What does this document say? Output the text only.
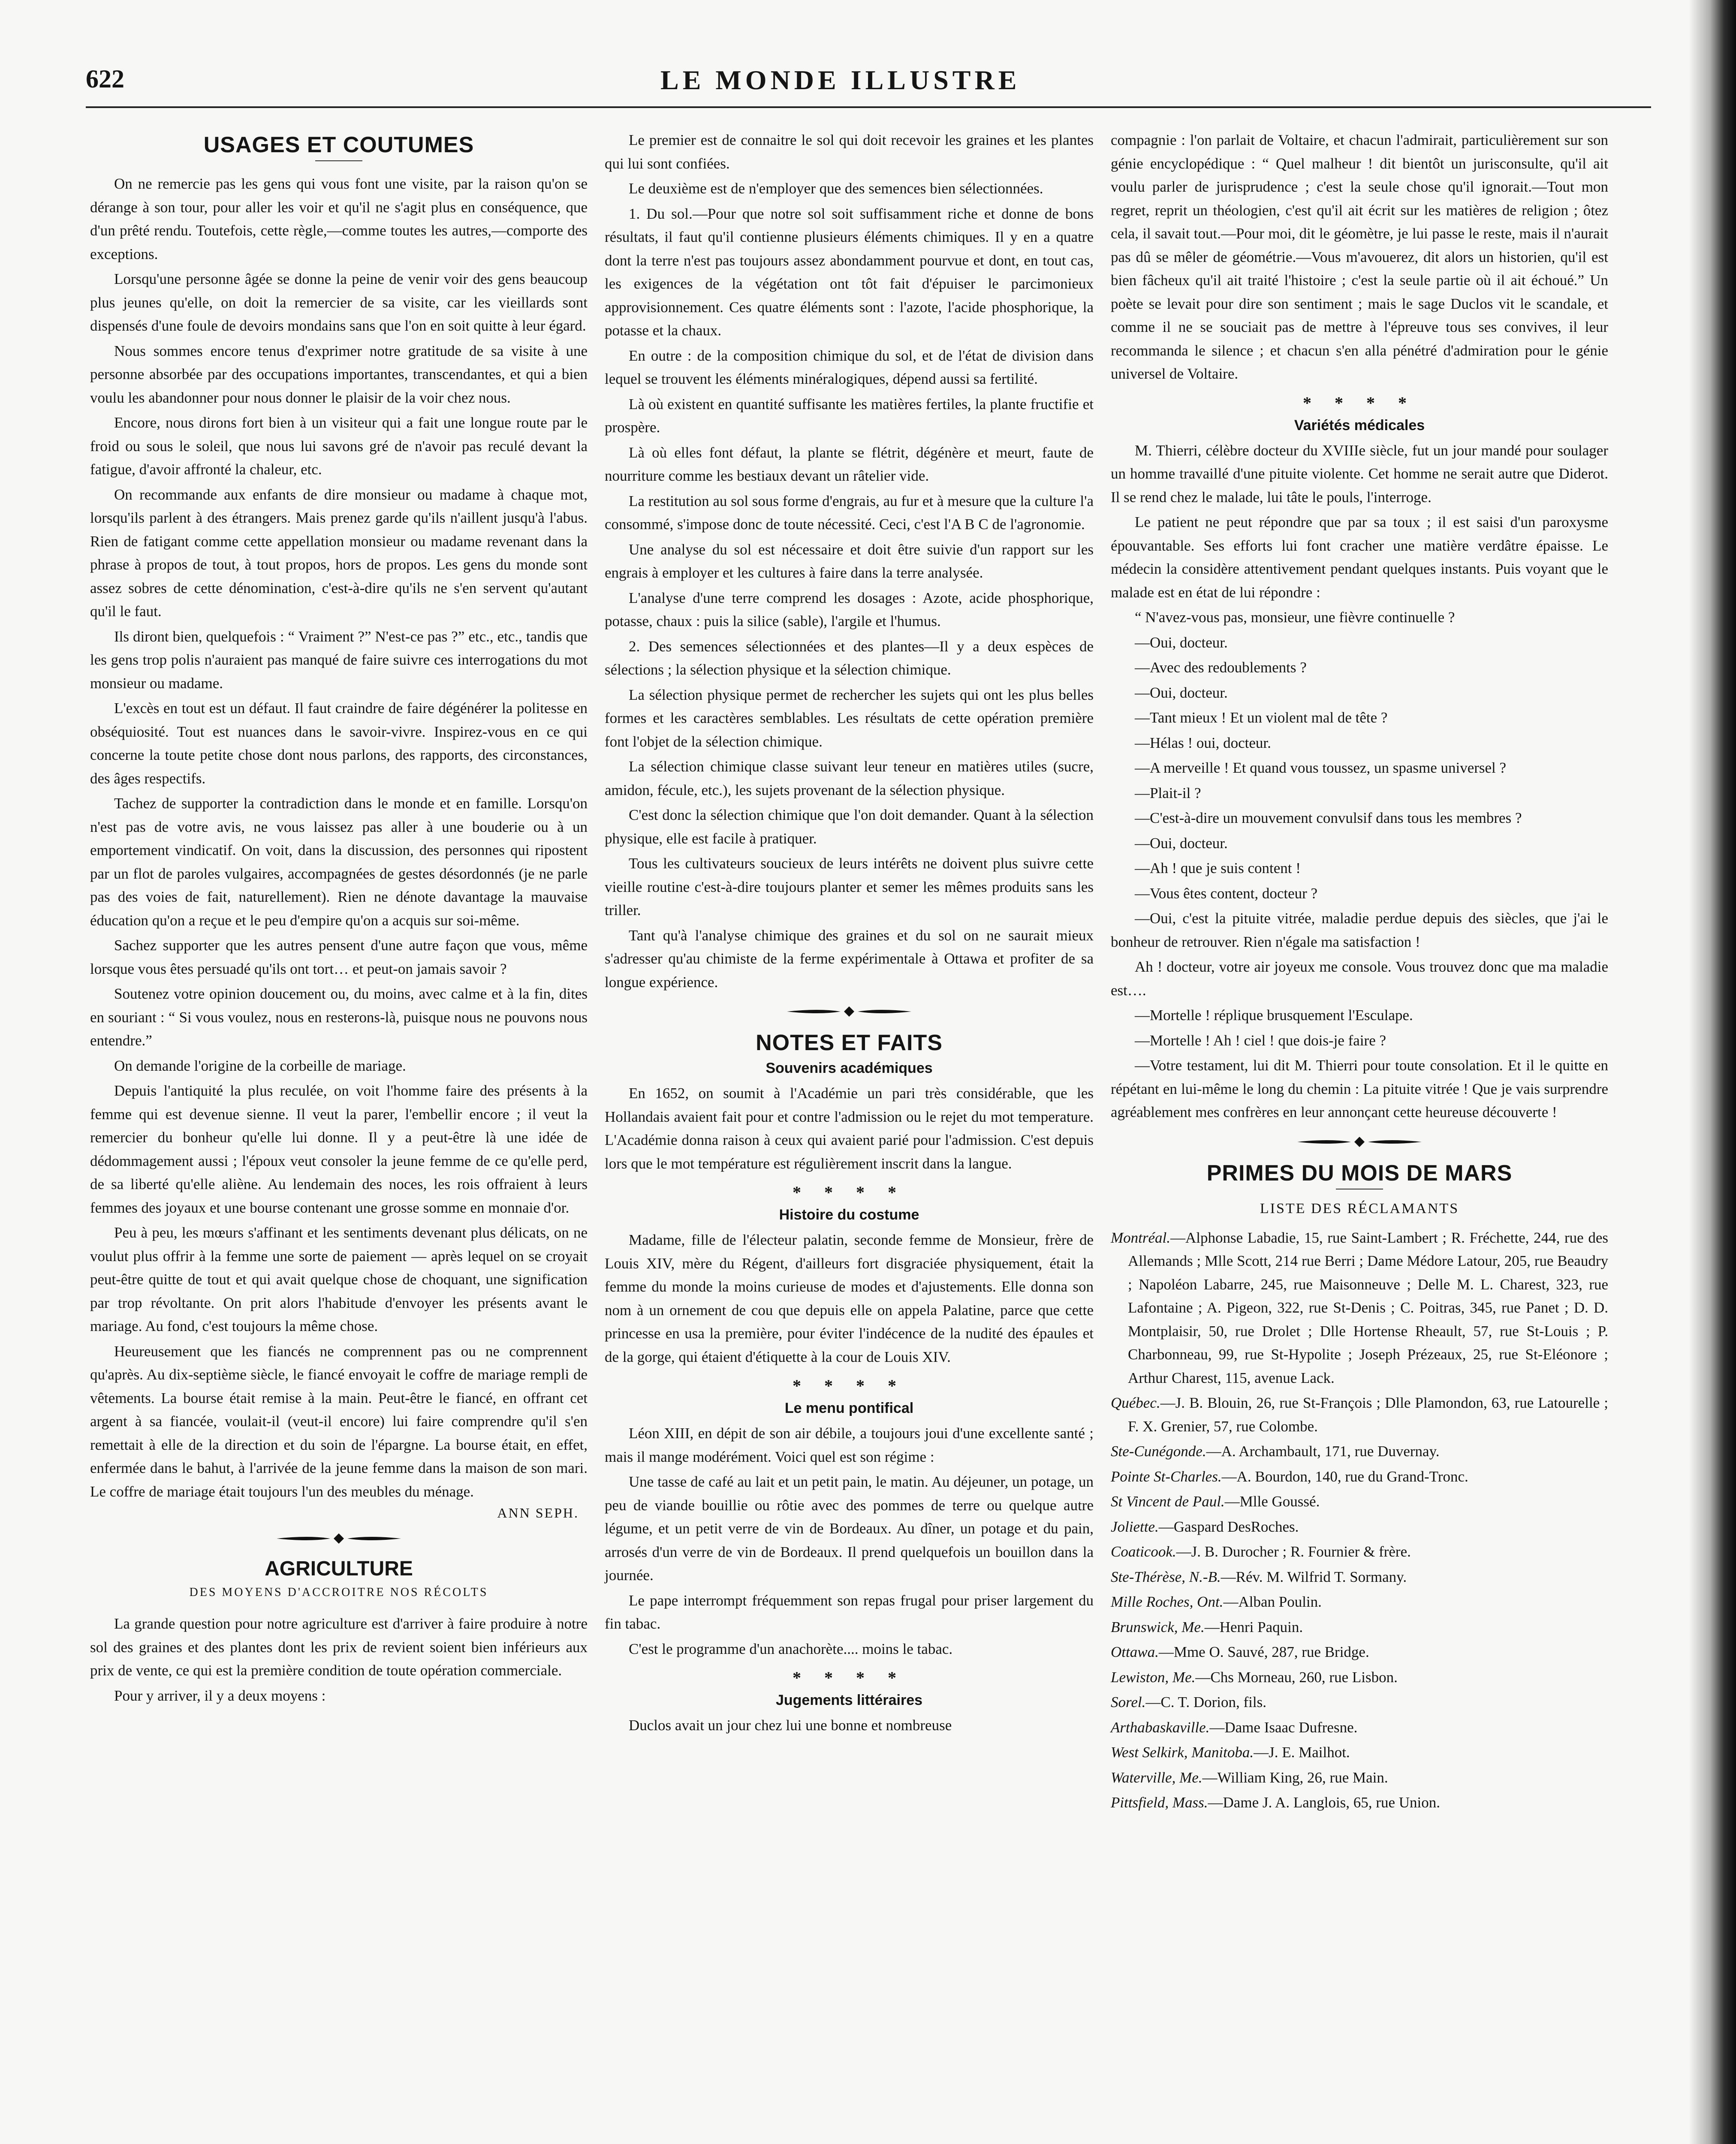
622	LE MONDE ILLUSTRE
USAGES ET COUTUMES

On ne remercie pas les gens qui vous font une visite, par la raison qu'on se dérange à son tour, pour aller les voir et qu'il ne s'agit plus en conséquence, que d'un prêté rendu. Toutefois, cette règle,—comme toutes les autres,—comporte des exceptions.

Lorsqu'une personne âgée se donne la peine de venir voir des gens beaucoup plus jeunes qu'elle, on doit la remercier de sa visite, car les vieillards sont dispensés d'une foule de devoirs mondains sans que l'on en soit quitte à leur égard.

Nous sommes encore tenus d'exprimer notre gratitude de sa visite à une personne absorbée par des occupations importantes, transcendantes, et qui a bien voulu les abandonner pour nous donner le plaisir de la voir chez nous.

Encore, nous dirons fort bien à un visiteur qui a fait une longue route par le froid ou sous le soleil, que nous lui savons gré de n'avoir pas reculé devant la fatigue, d'avoir affronté la chaleur, etc.

On recommande aux enfants de dire monsieur ou madame à chaque mot, lorsqu'ils parlent à des étrangers. Mais prenez garde qu'ils n'aillent jusqu'à l'abus. Rien de fatigant comme cette appellation monsieur ou madame revenant dans la phrase à propos de tout, à tout propos, hors de propos. Les gens du monde sont assez sobres de cette dénomination, c'est-à-dire qu'ils ne s'en servent qu'autant qu'il le faut.

Ils diront bien, quelquefois : “ Vraiment ?” N'est-ce pas ?” etc., etc., tandis que les gens trop polis n'auraient pas manqué de faire suivre ces interrogations du mot monsieur ou madame.

L'excès en tout est un défaut. Il faut craindre de faire dégénérer la politesse en obséquiosité. Tout est nuances dans le savoir-vivre. Inspirez-vous en ce qui concerne la toute petite chose dont nous parlons, des rapports, des circonstances, des âges respectifs.

Tachez de supporter la contradiction dans le monde et en famille. Lorsqu'on n'est pas de votre avis, ne vous laissez pas aller à une bouderie ou à un emportement vindicatif. On voit, dans la discussion, des personnes qui ripostent par un flot de paroles vulgaires, accompagnées de gestes désordonnés (je ne parle pas des voies de fait, naturellement). Rien ne dénote davantage la mauvaise éducation qu'on a reçue et le peu d'empire qu'on a acquis sur soi-même.

Sachez supporter que les autres pensent d'une autre façon que vous, même lorsque vous êtes persuadé qu'ils ont tort… et peut-on jamais savoir ?

Soutenez votre opinion doucement ou, du moins, avec calme et à la fin, dites en souriant : “ Si vous voulez, nous en resterons-là, puisque nous ne pouvons nous entendre.”

On demande l'origine de la corbeille de mariage.

Depuis l'antiquité la plus reculée, on voit l'homme faire des présents à la femme qui est devenue sienne. Il veut la parer, l'embellir encore ; il veut la remercier du bonheur qu'elle lui donne. Il y a peut-être là une idée de dédommagement aussi ; l'époux veut consoler la jeune femme de ce qu'elle perd, de sa liberté qu'elle aliène. Au lendemain des noces, les rois offraient à leurs femmes des joyaux et une bourse contenant une grosse somme en monnaie d'or.

Peu à peu, les mœurs s'affinant et les sentiments devenant plus délicats, on ne voulut plus offrir à la femme une sorte de paiement — après lequel on se croyait peut-être quitte de tout et qui avait quelque chose de choquant, une signification par trop révoltante. On prit alors l'habitude d'envoyer les présents avant le mariage. Au fond, c'est toujours la même chose.

Heureusement que les fiancés ne comprennent pas ou ne comprennent qu'après. Au dix-septième siècle, le fiancé envoyait le coffre de mariage rempli de vêtements. La bourse était remise à la main. Peut-être le fiancé, en offrant cet argent à sa fiancée, voulait-il (veut-il encore) lui faire comprendre qu'il s'en remettait à elle de la direction et du soin de l'épargne. La bourse était, en effet, enfermée dans le bahut, à l'arrivée de la jeune femme dans la maison de son mari. Le coffre de mariage était toujours l'un des meubles du ménage.

ANN SEPH.
AGRICULTURE
DES MOYENS D'ACCROITRE NOS RÉCOLTS

La grande question pour notre agriculture est d'arriver à faire produire à notre sol des graines et des plantes dont les prix de revient soient bien inférieurs aux prix de vente, ce qui est la première condition de toute opération commerciale.

Pour y arriver, il y a deux moyens :

Le premier est de connaitre le sol qui doit recevoir les graines et les plantes qui lui sont confiées.

Le deuxième est de n'employer que des semences bien sélectionnées.

1. Du sol.—Pour que notre sol soit suffisamment riche et donne de bons résultats, il faut qu'il contienne plusieurs éléments chimiques. Il y en a quatre dont la terre n'est pas toujours assez abondamment pourvue et dont, en tout cas, les exigences de la végétation ont tôt fait d'épuiser le parcimonieux approvisionnement. Ces quatre éléments sont : l'azote, l'acide phosphorique, la potasse et la chaux.

En outre : de la composition chimique du sol, et de l'état de division dans lequel se trouvent les éléments minéralogiques, dépend aussi sa fertilité.

Là où existent en quantité suffisante les matières fertiles, la plante fructifie et prospère.

Là où elles font défaut, la plante se flétrit, dégénère et meurt, faute de nourriture comme les bestiaux devant un râtelier vide.

La restitution au sol sous forme d'engrais, au fur et à mesure que la culture l'a consommé, s'impose donc de toute nécessité. Ceci, c'est l'A B C de l'agronomie.

Une analyse du sol est nécessaire et doit être suivie d'un rapport sur les engrais à employer et les cultures à faire dans la terre analysée.

L'analyse d'une terre comprend les dosages : Azote, acide phosphorique, potasse, chaux : puis la silice (sable), l'argile et l'humus.

2. Des semences sélectionnées et des plantes—Il y a deux espèces de sélections ; la sélection physique et la sélection chimique.

La sélection physique permet de rechercher les sujets qui ont les plus belles formes et les caractères semblables. Les résultats de cette opération première font l'objet de la sélection chimique.

La sélection chimique classe suivant leur teneur en matières utiles (sucre, amidon, fécule, etc.), les sujets provenant de la sélection physique.

C'est donc la sélection chimique que l'on doit demander. Quant à la sélection physique, elle est facile à pratiquer.

Tous les cultivateurs soucieux de leurs intérêts ne doivent plus suivre cette vieille routine c'est-à-dire toujours planter et semer les mêmes produits sans les triller.

Tant qu'à l'analyse chimique des graines et du sol on ne saurait mieux s'adresser qu'au chimiste de la ferme expérimentale à Ottawa et profiter de sa longue expérience.

NOTES ET FAITS
Souvenirs académiques

En 1652, on soumit à l'Académie un pari très considérable, que les Hollandais avaient fait pour et contre l'admission ou le rejet du mot temperature. L'Académie donna raison à ceux qui avaient parié pour l'admission. C'est depuis lors que le mot température est régulièrement inscrit dans la langue.

* * * *
Histoire du costume

Madame, fille de l'électeur palatin, seconde femme de Monsieur, frère de Louis XIV, mère du Régent, d'ailleurs fort disgraciée physiquement, était la femme du monde la moins curieuse de modes et d'ajustements. Elle donna son nom à un ornement de cou que depuis elle on appela Palatine, parce que cette princesse en usa la première, pour éviter l'indécence de la nudité des épaules et de la gorge, qui étaient d'étiquette à la cour de Louis XIV.

* * * *
Le menu pontifical

Léon XIII, en dépit de son air débile, a toujours joui d'une excellente santé ; mais il mange modérément. Voici quel est son régime :

Une tasse de café au lait et un petit pain, le matin. Au déjeuner, un potage, un peu de viande bouillie ou rôtie avec des pommes de terre ou quelque autre légume, et un petit verre de vin de Bordeaux. Au dîner, un potage et du pain, arrosés d'un verre de vin de Bordeaux. Il prend quelquefois un bouillon dans la journée.

Le pape interrompt fréquemment son repas frugal pour priser largement du fin tabac.

C'est le programme d'un anachorète.... moins le tabac.

* * * *
Jugements littéraires

Duclos avait un jour chez lui une bonne et nombreuse

compagnie : l'on parlait de Voltaire, et chacun l'admirait, particulièrement sur son génie encyclopédique : “ Quel malheur ! dit bientôt un jurisconsulte, qu'il ait voulu parler de jurisprudence ; c'est la seule chose qu'il ignorait.—Tout mon regret, reprit un théologien, c'est qu'il ait écrit sur les matières de religion ; ôtez cela, il savait tout.—Pour moi, dit le géomètre, je lui passe le reste, mais il n'aurait pas dû se mêler de géométrie.—Vous m'avouerez, dit alors un historien, qu'il est bien fâcheux qu'il ait traité l'histoire ; c'est la seule partie où il ait échoué.” Un poète se levait pour dire son sentiment ; mais le sage Duclos vit le scandale, et comme il ne se souciait pas de mettre à l'épreuve tous ses convives, il leur recommanda le silence ; et chacun s'en alla pénétré d'admiration pour le génie universel de Voltaire.

* * * *
Variétés médicales

M. Thierri, célèbre docteur du XVIIIe siècle, fut un jour mandé pour soulager un homme travaillé d'une pituite violente. Cet homme ne serait autre que Diderot. Il se rend chez le malade, lui tâte le pouls, l'interroge.

Le patient ne peut répondre que par sa toux ; il est saisi d'un paroxysme épouvantable. Ses efforts lui font cracher une matière verdâtre épaisse. Le médecin la considère attentivement pendant quelques instants. Puis voyant que le malade est en état de lui répondre :

“ N'avez-vous pas, monsieur, une fièvre continuelle ?

—Oui, docteur.

—Avec des redoublements ?

—Oui, docteur.

—Tant mieux ! Et un violent mal de tête ?

—Hélas ! oui, docteur.

—A merveille ! Et quand vous toussez, un spasme universel ?

—Plait-il ?

—C'est-à-dire un mouvement convulsif dans tous les membres ?

—Oui, docteur.

—Ah ! que je suis content !

—Vous êtes content, docteur ?

—Oui, c'est la pituite vitrée, maladie perdue depuis des siècles, que j'ai le bonheur de retrouver. Rien n'égale ma satisfaction !

Ah ! docteur, votre air joyeux me console. Vous trouvez donc que ma maladie est….

—Mortelle ! réplique brusquement l'Esculape.

—Mortelle ! Ah ! ciel ! que dois-je faire ?

—Votre testament, lui dit M. Thierri pour toute consolation. Et il le quitte en répétant en lui-même le long du chemin : La pituite vitrée ! Que je vais surprendre agréablement mes confrères en leur annonçant cette heureuse découverte !

PRIMES DU MOIS DE MARS
LISTE DES RÉCLAMANTS

Montréal.—Alphonse Labadie, 15, rue Saint-Lambert ; R. Fréchette, 244, rue des Allemands ; Mlle Scott, 214 rue Berri ; Dame Médore Latour, 205, rue Beaudry ; Napoléon Labarre, 245, rue Maisonneuve ; Delle M. L. Charest, 323, rue Lafontaine ; A. Pigeon, 322, rue St-Denis ; C. Poitras, 345, rue Panet ; D. D. Montplaisir, 50, rue Drolet ; Dlle Hortense Rheault, 57, rue St-Louis ; P. Charbonneau, 99, rue St-Hypolite ; Joseph Prézeaux, 25, rue St-Eléonore ; Arthur Charest, 115, avenue Lack.

Québec.—J. B. Blouin, 26, rue St-François ; Dlle Plamondon, 63, rue Latourelle ; F. X. Grenier, 57, rue Colombe.

Ste-Cunégonde.—A. Archambault, 171, rue Duvernay.

Pointe St-Charles.—A. Bourdon, 140, rue du Grand-Tronc.

St Vincent de Paul.—Mlle Goussé.

Joliette.—Gaspard DesRoches.

Coaticook.—J. B. Durocher ; R. Fournier & frère.

Ste-Thérèse, N.-B.—Rév. M. Wilfrid T. Sormany.

Mille Roches, Ont.—Alban Poulin.

Brunswick, Me.—Henri Paquin.

Ottawa.—Mme O. Sauvé, 287, rue Bridge.

Lewiston, Me.—Chs Morneau, 260, rue Lisbon.

Sorel.—C. T. Dorion, fils.

Arthabaskaville.—Dame Isaac Dufresne.

West Selkirk, Manitoba.—J. E. Mailhot.

Waterville, Me.—William King, 26, rue Main.

Pittsfield, Mass.—Dame J. A. Langlois, 65, rue Union.
